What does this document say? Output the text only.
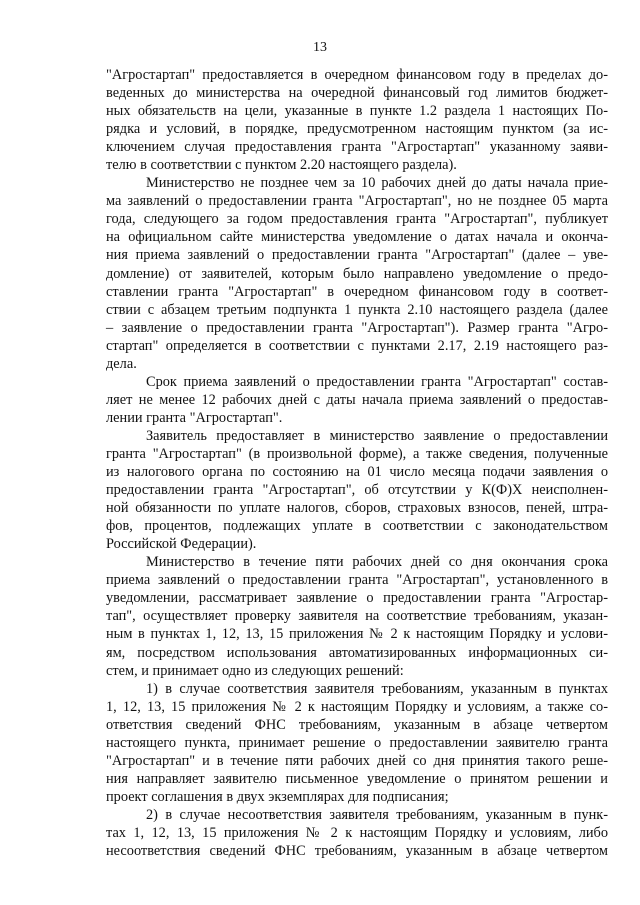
13

"Агростартап" предоставляется в очередном финансовом году в пределах до-
веденных до министерства на очередной финансовый год лимитов бюджет-
ных обязательств на цели, указанные в пункте 1.2 раздела 1 настоящих По-
рядка и условий, в порядке, предусмотренном настоящим пунктом (за ис-
ключением случая предоставления гранта "Агростартап" указанному заяви-
телю в соответствии с пунктом 2.20 настоящего раздела).

Министерство не позднее чем за 10 рабочих дней до даты начала прие-
ма заявлений о предоставлении гранта "Агростартап", но не позднее 05 марта
года, следующего за годом предоставления гранта "Агростартап", публикует
на официальном сайте министерства уведомление о датах начала и оконча-
ния приема заявлений о предоставлении гранта "Агростартап" (далее – уве-
домление) от заявителей, которым было направлено уведомление о предо-
ставлении гранта "Агростартап" в очередном финансовом году в соответ-
ствии с абзацем третьим подпункта 1 пункта 2.10 настоящего раздела (далее
– заявление о предоставлении гранта "Агростартап"). Размер гранта "Агро-
стартап" определяется в соответствии с пунктами 2.17, 2.19 настоящего раз-
дела.

Срок приема заявлений о предоставлении гранта "Агростартап" состав-
ляет не менее 12 рабочих дней с даты начала приема заявлений о предостав-
лении гранта "Агростартап".

Заявитель предоставляет в министерство заявление о предоставлении
гранта "Агростартап" (в произвольной форме), а также сведения, полученные
из налогового органа по состоянию на 01 число месяца подачи заявления о
предоставлении гранта "Агростартап", об отсутствии у К(Ф)Х неисполнен-
ной обязанности по уплате налогов, сборов, страховых взносов, пеней, штра-
фов, процентов, подлежащих уплате в соответствии с законодательством
Российской Федерации).

Министерство в течение пяти рабочих дней со дня окончания срока
приема заявлений о предоставлении гранта "Агростартап", установленного в
уведомлении, рассматривает заявление о предоставлении гранта "Агростар-
тап", осуществляет проверку заявителя на соответствие требованиям, указан-
ным в пунктах 1, 12, 13, 15 приложения № 2 к настоящим Порядку и услови-
ям, посредством использования автоматизированных информационных си-
стем, и принимает одно из следующих решений:

1) в случае соответствия заявителя требованиям, указанным в пунктах
1, 12, 13, 15 приложения № 2 к настоящим Порядку и условиям, а также со-
ответствия сведений ФНС требованиям, указанным в абзаце четвертом
настоящего пункта, принимает решение о предоставлении заявителю гранта
"Агростартап" и в течение пяти рабочих дней со дня принятия такого реше-
ния направляет заявителю письменное уведомление о принятом решении и
проект соглашения в двух экземплярах для подписания;

2) в случае несоответствия заявителя требованиям, указанным в пунк-
тах 1, 12, 13, 15 приложения № 2 к настоящим Порядку и условиям, либо
несоответствия сведений ФНС требованиям, указанным в абзаце четвертом
